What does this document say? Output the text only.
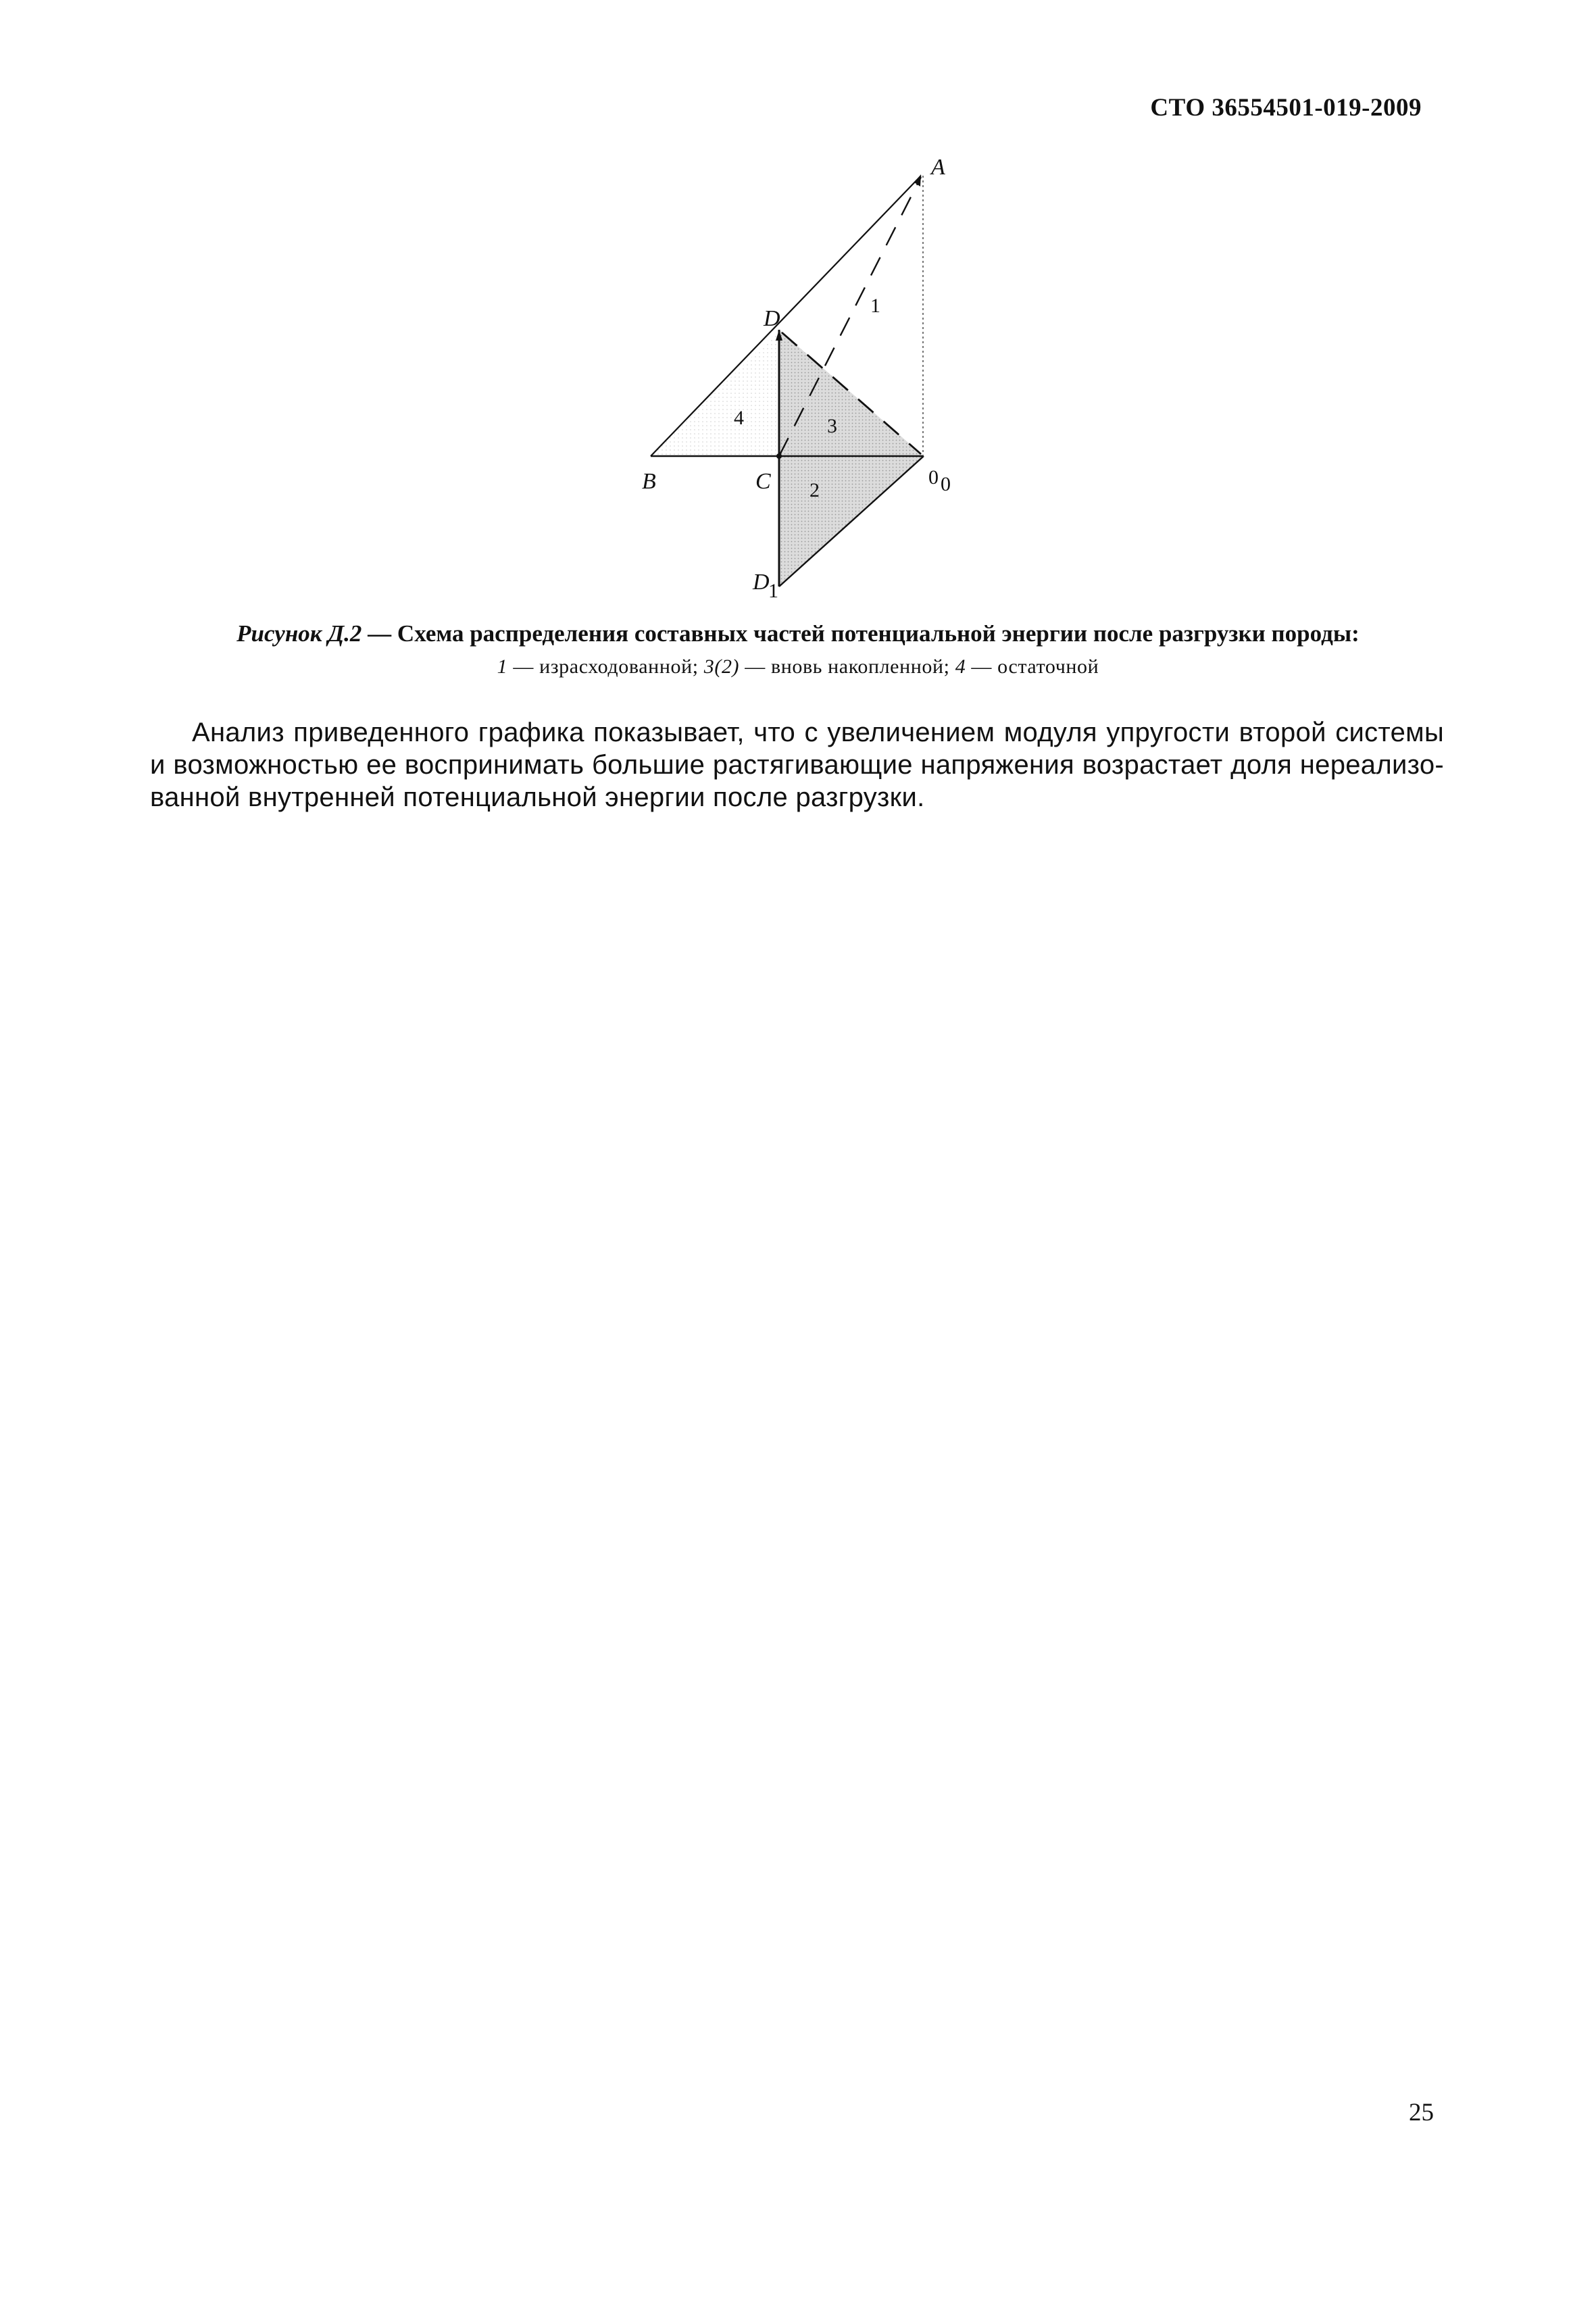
СТО 36554501-019-2009
A
D
B	C	0 0
D
1
1
4	3
2
Рисунок Д.2 — Схема распределения составных частей потенциальной энергии после разгрузки породы:
1 — израсходованной; 3(2) — вновь накопленной; 4 — остаточной
Анализ приведенного графика показывает, что с увеличением модуля упругости второй системы
и возможностью ее воспринимать большие растягивающие напряжения возрастает доля нереализо-
ванной внутренней потенциальной энергии после разгрузки.
25
